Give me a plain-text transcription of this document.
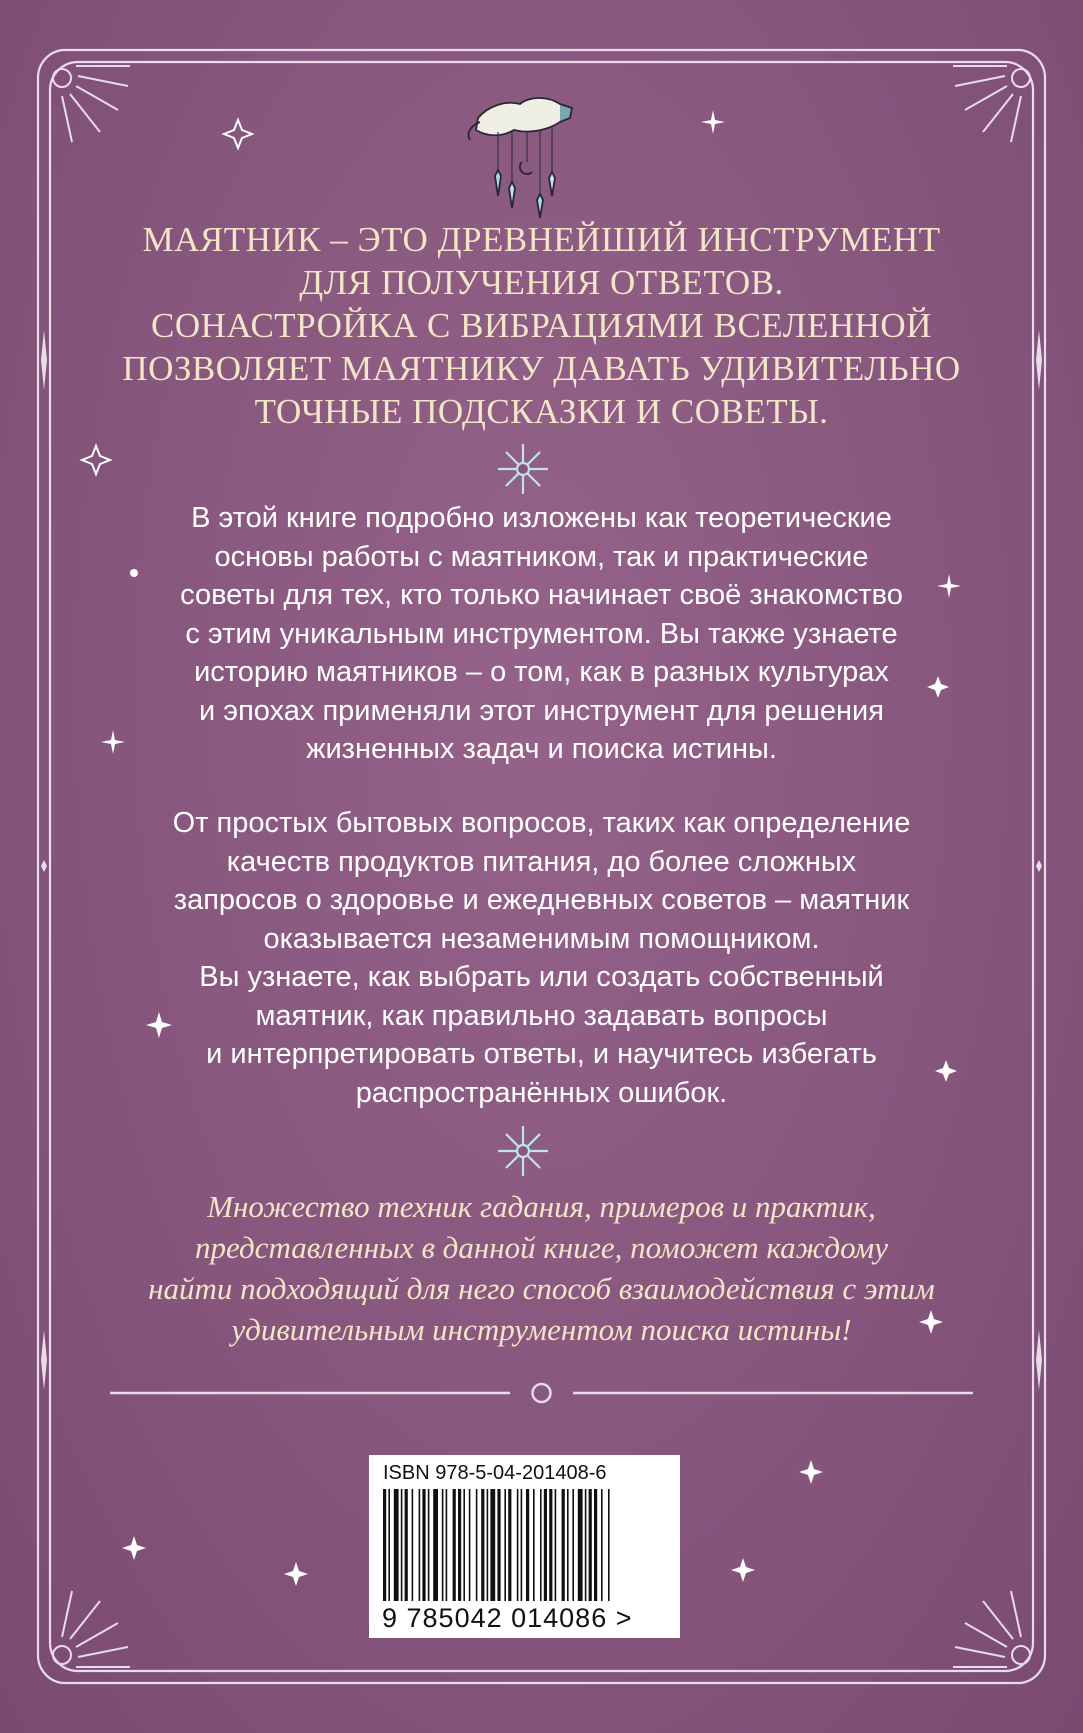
МАЯТНИК – ЭТО ДРЕВНЕЙШИЙ ИНСТРУМЕНТ
ДЛЯ ПОЛУЧЕНИЯ ОТВЕТОВ.
СОНАСТРОЙКА С ВИБРАЦИЯМИ ВСЕЛЕННОЙ
ПОЗВОЛЯЕТ МАЯТНИКУ ДАВАТЬ УДИВИТЕЛЬНО
ТОЧНЫЕ ПОДСКАЗКИ И СОВЕТЫ.
В этой книге подробно изложены как теоретические
основы работы с маятником, так и практические
советы для тех, кто только начинает своё знакомство
с этим уникальным инструментом. Вы также узнаете
историю маятников – о том, как в разных культурах
и эпохах применяли этот инструмент для решения
жизненных задач и поиска истины.
От простых бытовых вопросов, таких как определение
качеств продуктов питания, до более сложных
запросов о здоровье и ежедневных советов – маятник
оказывается незаменимым помощником.
Вы узнаете, как выбрать или создать собственный
маятник, как правильно задавать вопросы
и интерпретировать ответы, и научитесь избегать
распространённых ошибок.
Множество техник гадания, примеров и практик,
представленных в данной книге, поможет каждому
найти подходящий для него способ взаимодействия с этим
удивительным инструментом поиска истины!
ISBN 978-5-04-201408-6
9 785042 014086 >
